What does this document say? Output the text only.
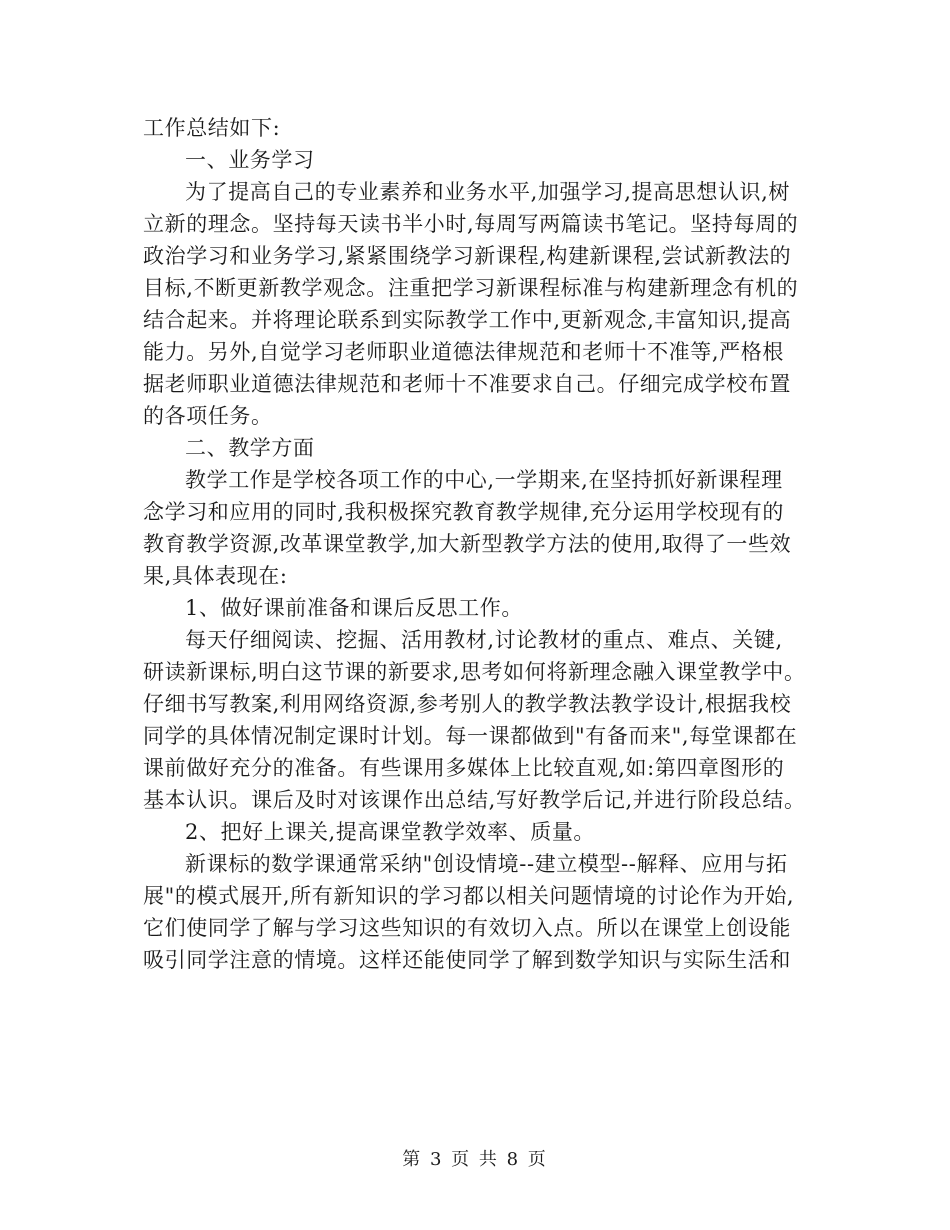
工作总结如下:
一、业务学习
为了提高自己的专业素养和业务水平,加强学习,提高思想认识,树
立新的理念。坚持每天读书半小时,每周写两篇读书笔记。坚持每周的
政治学习和业务学习,紧紧围绕学习新课程,构建新课程,尝试新教法的
目标,不断更新教学观念。注重把学习新课程标准与构建新理念有机的
结合起来。并将理论联系到实际教学工作中,更新观念,丰富知识,提高
能力。另外,自觉学习老师职业道德法律规范和老师十不准等,严格根
据老师职业道德法律规范和老师十不准要求自己。仔细完成学校布置
的各项任务。
二、教学方面
教学工作是学校各项工作的中心,一学期来,在坚持抓好新课程理
念学习和应用的同时,我积极探究教育教学规律,充分运用学校现有的
教育教学资源,改革课堂教学,加大新型教学方法的使用,取得了一些效
果,具体表现在:
1、做好课前准备和课后反思工作。
每天仔细阅读、挖掘、活用教材,讨论教材的重点、难点、关键,
研读新课标,明白这节课的新要求,思考如何将新理念融入课堂教学中。
仔细书写教案,利用网络资源,参考别人的教学教法教学设计,根据我校
同学的具体情况制定课时计划。每一课都做到"有备而来",每堂课都在
课前做好充分的准备。有些课用多媒体上比较直观,如:第四章图形的
基本认识。课后及时对该课作出总结,写好教学后记,并进行阶段总结。
2、把好上课关,提高课堂教学效率、质量。
新课标的数学课通常采纳"创设情境--建立模型--解释、应用与拓
展"的模式展开,所有新知识的学习都以相关问题情境的讨论作为开始,
它们使同学了解与学习这些知识的有效切入点。所以在课堂上创设能
吸引同学注意的情境。这样还能使同学了解到数学知识与实际生活和
第 3 页 共 8 页
